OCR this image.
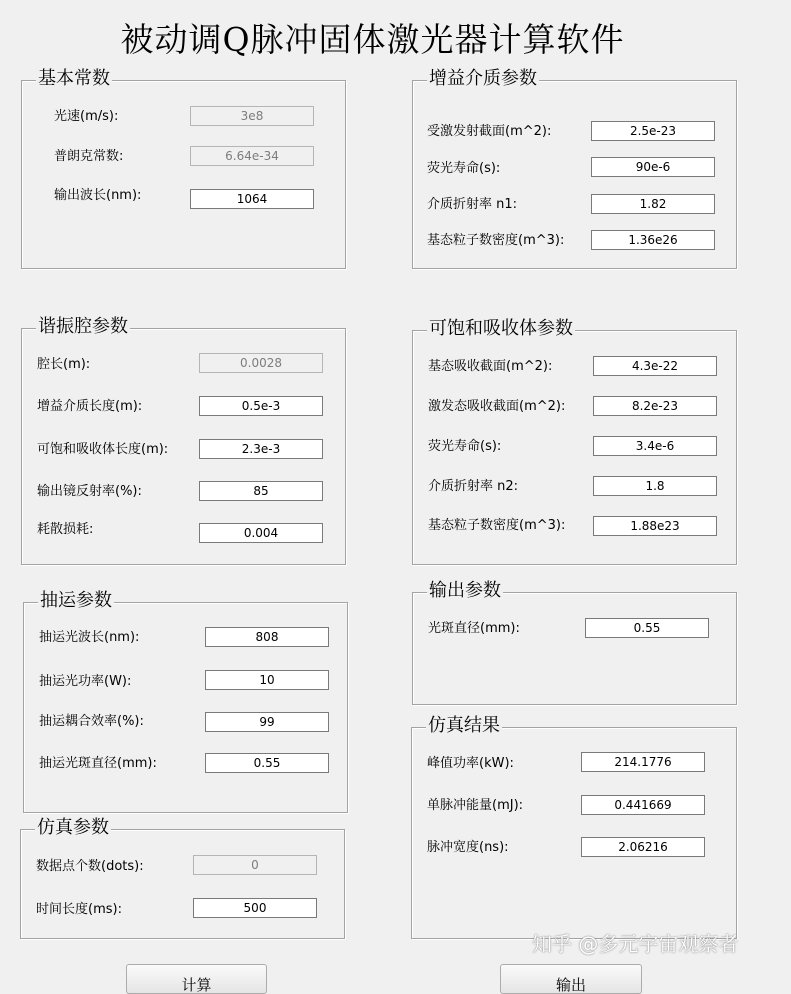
被动调Q脉冲固体激光器计算软件
基本常数
光速(m/s):
3e8
普朗克常数:
6.64e-34
输出波长(nm):
1064
增益介质参数
受激发射截面(m^2):
2.5e-23
荧光寿命(s):
90e-6
介质折射率 n1:
1.82
基态粒子数密度(m^3):
1.36e26
谐振腔参数
腔长(m):
0.0028
增益介质长度(m):
0.5e-3
可饱和吸收体长度(m):
2.3e-3
输出镜反射率(%):
85
耗散损耗:
0.004
可饱和吸收体参数
基态吸收截面(m^2):
4.3e-22
激发态吸收截面(m^2):
8.2e-23
荧光寿命(s):
3.4e-6
介质折射率 n2:
1.8
基态粒子数密度(m^3):
1.88e23
抽运参数
抽运光波长(nm):
808
抽运光功率(W):
10
抽运耦合效率(%):
99
抽运光斑直径(mm):
0.55
输出参数
光斑直径(mm):
0.55
仿真参数
数据点个数(dots):
0
时间长度(ms):
500
仿真结果
峰值功率(kW):
214.1776
单脉冲能量(mJ):
0.441669
脉冲宽度(ns):
2.06216
计算	输出
知乎 @多元宇宙观察者
